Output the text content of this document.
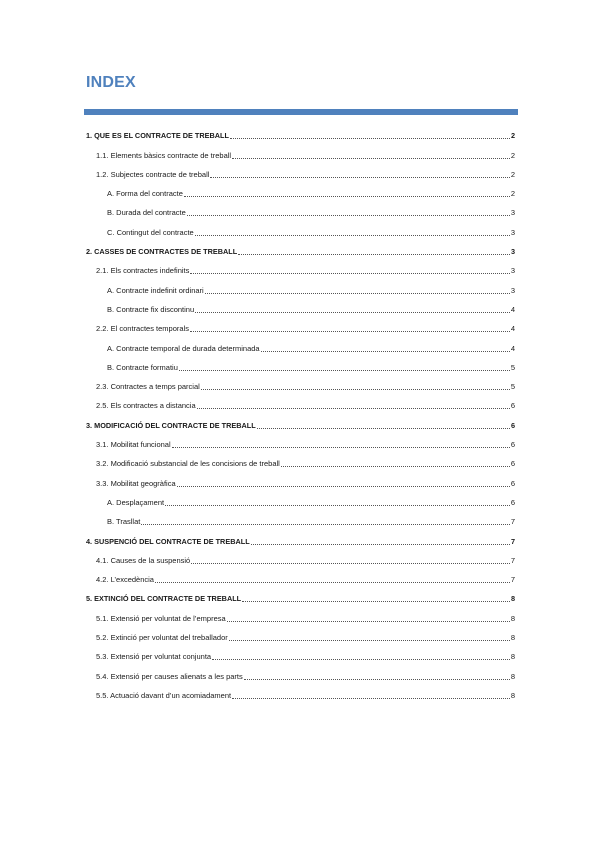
INDEX
1. QUE ES EL CONTRACTE DE TREBALL	2
1.1. Elements bàsics contracte de treball	2
1.2. Subjectes contracte de treball	2
A. Forma del contracte	2
B. Durada del contracte	3
C. Contingut del contracte	3
2. CASSES DE CONTRACTES DE TREBALL	3
2.1. Els contractes indefinits	3
A. Contracte indefinit ordinari	3
B. Contracte fix discontinu	4
2.2. El contractes temporals	4
A. Contracte temporal de durada determinada	4
B. Contracte formatiu	5
2.3. Contractes a temps parcial	5
2.5. Els contractes a distancia	6
3. MODIFICACIÓ DEL CONTRACTE DE TREBALL	6
3.1. Mobilitat funcional	6
3.2. Modificació substancial de les concisions de treball	6
3.3. Mobilitat geogràfica	6
A. Desplaçament	6
B. Trasllat	7
4. SUSPENCIÓ DEL CONTRACTE DE TREBALL	7
4.1. Causes de la suspensió	7
4.2. L’excedència	7
5. EXTINCIÓ DEL CONTRACTE DE TREBALL	8
5.1. Extensió per voluntat de l’empresa	8
5.2. Extinció per voluntat del treballador	8
5.3. Extensió per voluntat conjunta	8
5.4. Extensió per causes alienats a les parts	8
5.5. Actuació davant d’un acomiadament	8
